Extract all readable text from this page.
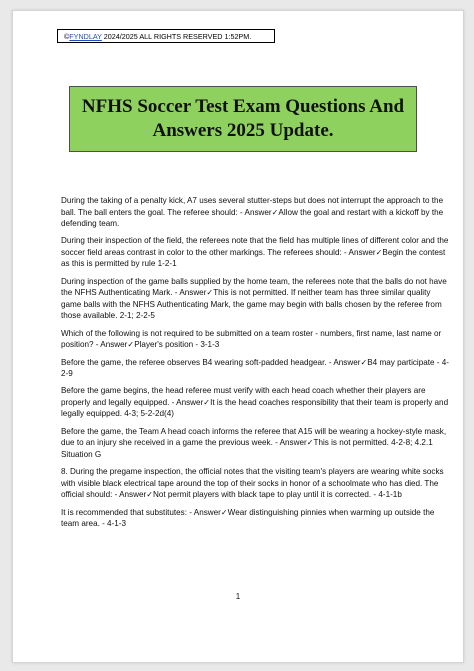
©FYNDLAY 2024/2025 ALL RIGHTS RESERVED 1:52PM.
NFHS Soccer Test Exam Questions And
Answers 2025 Update.

During the taking of a penalty kick, A7 uses several stutter-steps but does not interrupt the approach to the ball. The ball enters the goal. The referee should: - Answer✓Allow the goal and restart with a kickoff by the defending team.

During their inspection of the field, the referees note that the field has multiple lines of different color and the soccer field areas contrast in color to the other markings. The referees should: - Answer✓Begin the contest as this is permitted by rule 1-2-1

During inspection of the game balls supplied by the home team, the referees note that the balls do not have the NFHS Authenticating Mark. - Answer✓This is not permitted. If neither team has three similar quality game balls with the NFHS Authenticating Mark, the game may begin with balls chosen by the referee from those available. 2-1; 2-2-5

Which of the following is not required to be submitted on a team roster - numbers, first name, last name or position? - Answer✓Player's position - 3-1-3

Before the game, the referee observes B4 wearing soft-padded headgear. - Answer✓B4 may participate - 4-2-9

Before the game begins, the head referee must verify with each head coach whether their players are properly and legally equipped. - Answer✓It is the head coaches responsibility that their team is properly and legally equipped. 4-3; 5-2-2d(4)

Before the game, the Team A head coach informs the referee that A15 will be wearing a hockey-style mask, due to an injury she received in a game the previous week. - Answer✓This is not permitted. 4-2-8; 4.2.1 Situation G

8. During the pregame inspection, the official notes that the visiting team's players are wearing white socks with visible black electrical tape around the top of their socks in honor of a schoolmate who has died. The official should: - Answer✓Not permit players with black tape to play until it is corrected. - 4-1-1b

It is recommended that substitutes: - Answer✓Wear distinguishing pinnies when warming up outside the team area. - 4-1-3

1
